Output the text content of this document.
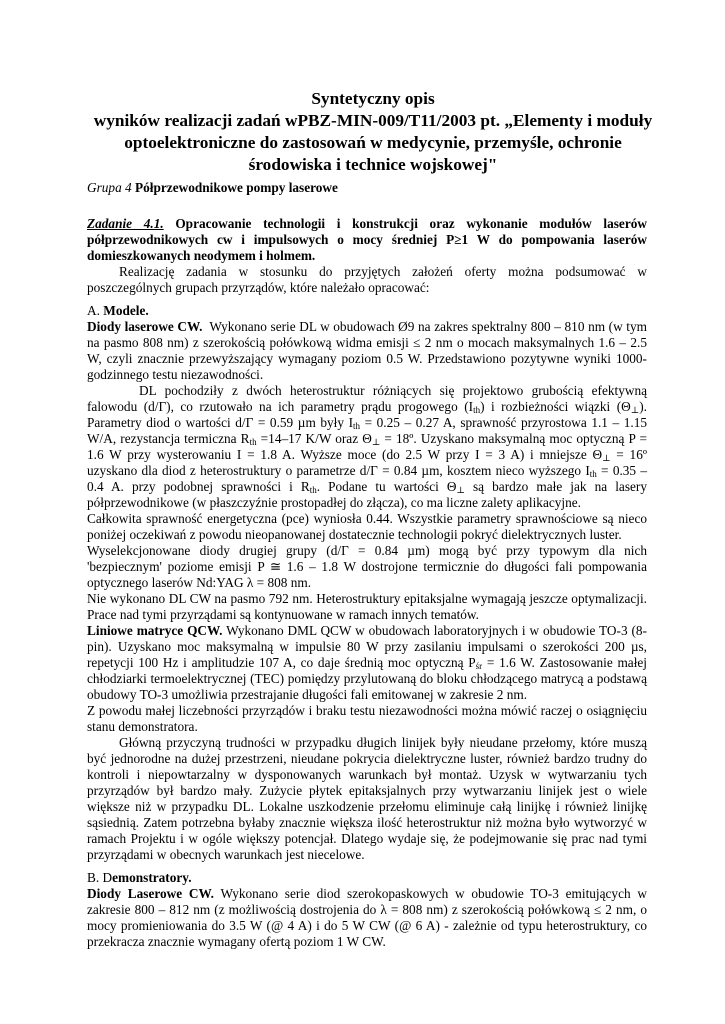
Syntetyczny opis
wyników realizacji zadań wPBZ-MIN-009/T11/2003 pt. „Elementy i moduły
optoelektroniczne do zastosowań w medycynie, przemyśle, ochronie
środowiska i technice wojskowej"

Grupa 4 Półprzewodnikowe pompy laserowe

Zadanie 4.1. Opracowanie technologii i konstrukcji oraz wykonanie modułów laserów półprzewodnikowych cw i impulsowych o mocy średniej P≥1 W do pompowania laserów domieszkowanych neodymem i holmem.

Realizację zadania w stosunku do przyjętych założeń oferty można podsumować w poszczególnych grupach przyrządów, które należało opracować:

A. Modele.

Diody laserowe CW. Wykonano serie DL w obudowach Ø9 na zakres spektralny 800 – 810 nm (w tym na pasmo 808 nm) z szerokością połówkową widma emisji ≤ 2 nm o mocach maksymalnych 1.6 – 2.5 W, czyli znacznie przewyższający wymagany poziom 0.5 W. Przedstawiono pozytywne wyniki 1000-godzinnego testu niezawodności.

DL pochodziły z dwóch heterostruktur różniących się projektowo grubością efektywną falowodu (d/Γ), co rzutowało na ich parametry prądu progowego $(I_{th})$ i rozbieżności wiązki $(\Theta_\perp)$. Parametry diod o wartości d/Γ = 0.59 µm były $I_{th} = 0.25 - 0.27$ A, sprawność przyrostowa 1.1 – 1.15 W/A, rezystancja termiczna $R_{th} =14-17$ K/W oraz $\Theta_\perp$ = 18º. Uzyskano maksymalną moc optyczną P = 1.6 W przy wysterowaniu I = 1.8 A. Wyższe moce (do 2.5 W przy I = 3 A) i mniejsze $\Theta_\perp$ = 16º uzyskano dla diod z heterostruktury o parametrze d/Γ = 0.84 µm, kosztem nieco wyższego $I_{th} = 0.35 - 0.4$ A. przy podobnej sprawności i $R_{th}$. Podane tu wartości $\Theta_\perp$ są bardzo małe jak na lasery półprzewodnikowe (w płaszczyźnie prostopadłej do złącza), co ma liczne zalety aplikacyjne.

Całkowita sprawność energetyczna (pce) wyniosła 0.44. Wszystkie parametry sprawnościowe są nieco poniżej oczekiwań z powodu nieopanowanej dostatecznie technologii pokryć dielektrycznych luster.

Wyselekcjonowane diody drugiej grupy (d/Γ = 0.84 µm) mogą być przy typowym dla nich 'bezpiecznym' poziome emisji P ≅ 1.6 – 1.8 W dostrojone termicznie do długości fali pompowania optycznego laserów Nd:YAG λ = 808 nm.

Nie wykonano DL CW na pasmo 792 nm. Heterostruktury epitaksjalne wymagają jeszcze optymalizacji. Prace nad tymi przyrządami są kontynuowane w ramach innych tematów.

Liniowe matryce QCW. Wykonano DML QCW w obudowach laboratoryjnych i w obudowie TO-3 (8-pin). Uzyskano moc maksymalną w impulsie 80 W przy zasilaniu impulsami o szerokości 200 µs, repetycji 100 Hz i amplitudzie 107 A, co daje średnią moc optyczną $P_{śr} = 1.6$ W. Zastosowanie małej chłodziarki termoelektrycznej (TEC) pomiędzy przylutowaną do bloku chłodzącego matrycą a podstawą obudowy TO-3 umożliwia przestrajanie długości fali emitowanej w zakresie 2 nm.

Z powodu małej liczebności przyrządów i braku testu niezawodności można mówić raczej o osiągnięciu stanu demonstratora.

Główną przyczyną trudności w przypadku długich linijek były nieudane przełomy, które muszą być jednorodne na dużej przestrzeni, nieudane pokrycia dielektryczne luster, również bardzo trudny do kontroli i niepowtarzalny w dysponowanych warunkach był montaż. Uzysk w wytwarzaniu tych przyrządów był bardzo mały. Zużycie płytek epitaksjalnych przy wytwarzaniu linijek jest o wiele większe niż w przypadku DL. Lokalne uszkodzenie przełomu eliminuje całą linijkę i również linijkę sąsiednią. Zatem potrzebna byłaby znacznie większa ilość heterostruktur niż można było wytworzyć w ramach Projektu i w ogóle większy potencjał. Dlatego wydaje się, że podejmowanie się prac nad tymi przyrządami w obecnych warunkach jest niecelowe.

B. Demonstratory.

Diody Laserowe CW. Wykonano serie diod szerokopaskowych w obudowie TO-3 emitujących w zakresie 800 – 812 nm (z możliwością dostrojenia do λ = 808 nm) z szerokością połówkową ≤ 2 nm, o mocy promieniowania do 3.5 W (@ 4 A) i do 5 W CW (@ 6 A) - zależnie od typu heterostruktury, co przekracza znacznie wymagany ofertą poziom 1 W CW.
